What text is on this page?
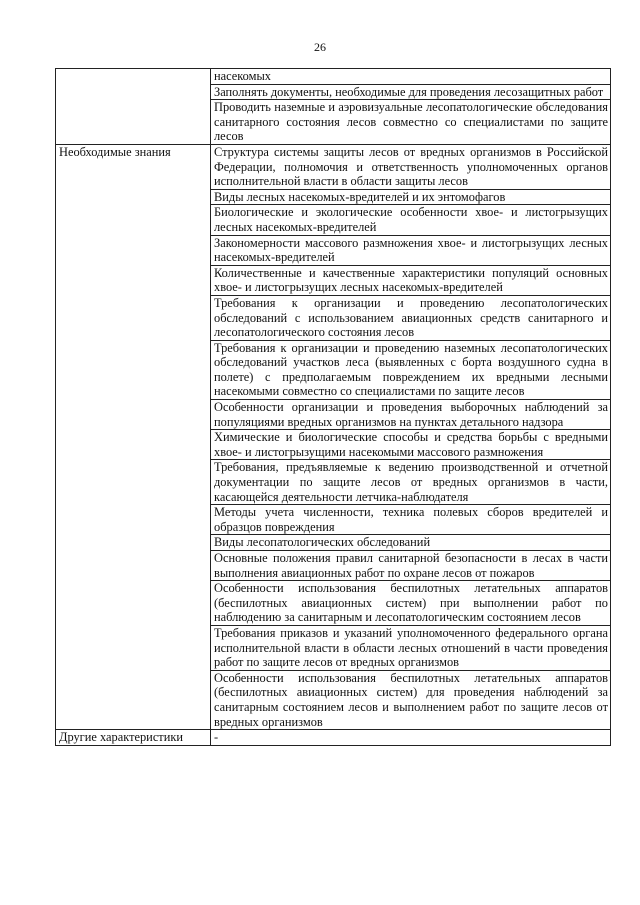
26
	насекомых
	Заполнять документы, необходимые для проведения лесозащитных работ
	Проводить наземные и аэровизуальные лесопатологические обследования санитарного состояния лесов совместно со специалистами по защите лесов
Необходимые знания	Структура системы защиты лесов от вредных организмов в Российской Федерации, полномочия и ответственность уполномоченных органов исполнительной власти в области защиты лесов
	Виды лесных насекомых-вредителей и их энтомофагов
	Биологические и экологические особенности хвое- и листогрызущих лесных насекомых-вредителей
	Закономерности массового размножения хвое- и листогрызущих лесных насекомых-вредителей
	Количественные и качественные характеристики популяций основных хвое- и листогрызущих лесных насекомых-вредителей
	Требования к организации и проведению лесопатологических обследований с использованием авиационных средств санитарного и лесопатологического состояния лесов
	Требования к организации и проведению наземных лесопатологических обследований участков леса (выявленных с борта воздушного судна в полете) с предполагаемым повреждением их вредными лесными насекомыми совместно со специалистами по защите лесов
	Особенности организации и проведения выборочных наблюдений за популяциями вредных организмов на пунктах детального надзора
	Химические и биологические способы и средства борьбы с вредными хвое- и листогрызущими насекомыми массового размножения
	Требования, предъявляемые к ведению производственной и отчетной документации по защите лесов от вредных организмов в части, касающейся деятельности летчика-наблюдателя
	Методы учета численности, техника полевых сборов вредителей и образцов повреждения
	Виды лесопатологических обследований
	Основные положения правил санитарной безопасности в лесах в части выполнения авиационных работ по охране лесов от пожаров
	Особенности использования беспилотных летательных аппаратов (беспилотных авиационных систем) при выполнении работ по наблюдению за санитарным и лесопатологическим состоянием лесов
	Требования приказов и указаний уполномоченного федерального органа исполнительной власти в области лесных отношений в части проведения работ по защите лесов от вредных организмов
	Особенности использования беспилотных летательных аппаратов (беспилотных авиационных систем) для проведения наблюдений за санитарным состоянием лесов и выполнением работ по защите лесов от вредных организмов
Другие характеристики	-
